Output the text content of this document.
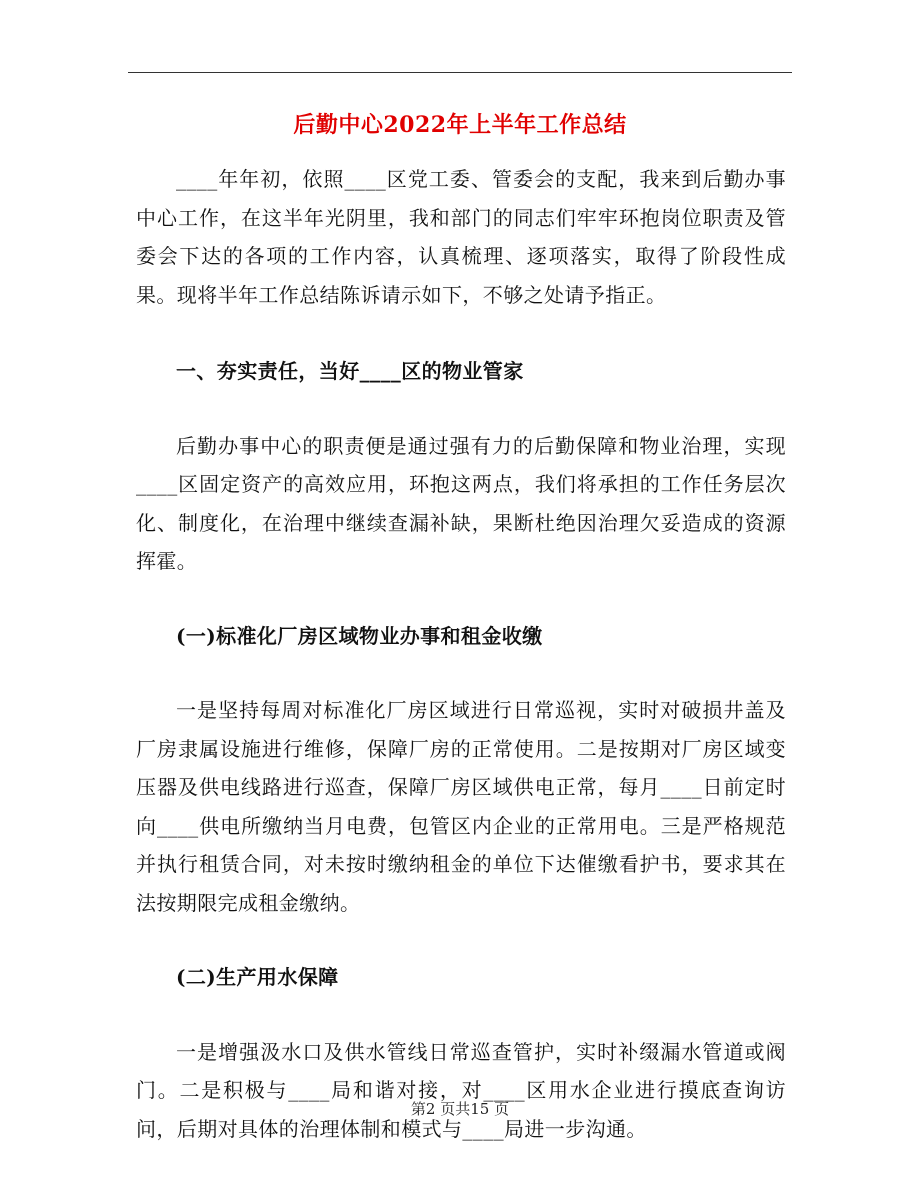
后勤中心2022年上半年工作总结

____年年初，依照____区党工委、管委会的支配，我来到后勤办事中心工作，在这半年光阴里，我和部门的同志们牢牢环抱岗位职责及管委会下达的各项的工作内容，认真梳理、逐项落实，取得了阶段性成果。现将半年工作总结陈诉请示如下，不够之处请予指正。

一、夯实责任，当好____区的物业管家

后勤办事中心的职责便是通过强有力的后勤保障和物业治理，实现____区固定资产的高效应用，环抱这两点，我们将承担的工作任务层次化、制度化，在治理中继续查漏补缺，果断杜绝因治理欠妥造成的资源挥霍。

(一)标准化厂房区域物业办事和租金收缴

一是坚持每周对标准化厂房区域进行日常巡视，实时对破损井盖及厂房隶属设施进行维修，保障厂房的正常使用。二是按期对厂房区域变压器及供电线路进行巡查，保障厂房区域供电正常，每月____日前定时向____供电所缴纳当月电费，包管区内企业的正常用电。三是严格规范并执行租赁合同，对未按时缴纳租金的单位下达催缴看护书，要求其在法按期限完成租金缴纳。

(二)生产用水保障

一是增强汲水口及供水管线日常巡查管护，实时补缀漏水管道或阀门。二是积极与____局和谐对接，对____区用水企业进行摸底查询访问，后期对具体的治理体制和模式与____局进一步沟通。

第2 页共15 页
